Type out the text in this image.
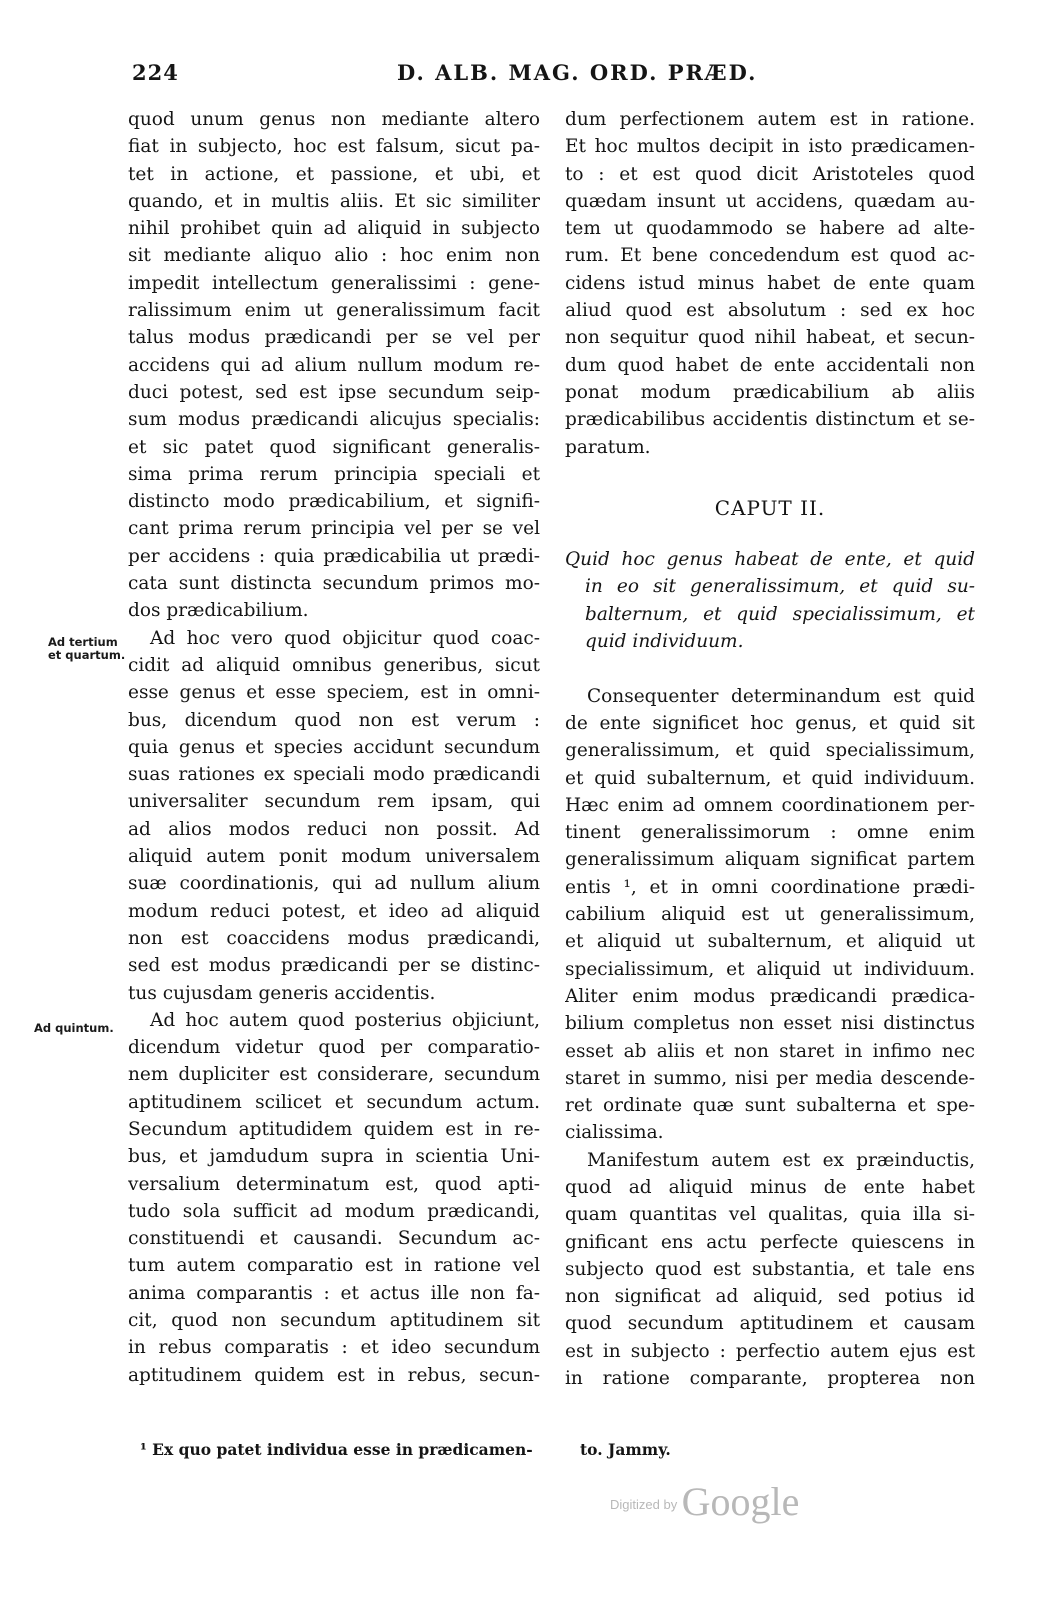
224	D. ALB. MAG. ORD. PRÆD.
Ad tertium
et quartum.
Ad quintum.
quod unum genus non mediante altero
fiat in subjecto, hoc est falsum, sicut pa-
tet in actione, et passione, et ubi, et
quando, et in multis aliis. Et sic similiter
nihil prohibet quin ad aliquid in subjecto
sit mediante aliquo alio : hoc enim non
impedit intellectum generalissimi : gene-
ralissimum enim ut generalissimum facit
talus modus prædicandi per se vel per
accidens qui ad alium nullum modum re-
duci potest, sed est ipse secundum seip-
sum modus prædicandi alicujus specialis:
et sic patet quod significant generalis-
sima prima rerum principia speciali et
distincto modo prædicabilium, et signifi-
cant prima rerum principia vel per se vel
per accidens : quia prædicabilia ut prædi-
cata sunt distincta secundum primos mo-
dos prædicabilium.
Ad hoc vero quod objicitur quod coac-
cidit ad aliquid omnibus generibus, sicut
esse genus et esse speciem, est in omni-
bus, dicendum quod non est verum :
quia genus et species accidunt secundum
suas rationes ex speciali modo prædicandi
universaliter secundum rem ipsam, qui
ad alios modos reduci non possit. Ad
aliquid autem ponit modum universalem
suæ coordinationis, qui ad nullum alium
modum reduci potest, et ideo ad aliquid
non est coaccidens modus prædicandi,
sed est modus prædicandi per se distinc-
tus cujusdam generis accidentis.
Ad hoc autem quod posterius objiciunt,
dicendum videtur quod per comparatio-
nem dupliciter est considerare, secundum
aptitudinem scilicet et secundum actum.
Secundum aptitudidem quidem est in re-
bus, et jamdudum supra in scientia Uni-
versalium determinatum est, quod apti-
tudo sola sufficit ad modum prædicandi,
constituendi et causandi. Secundum ac-
tum autem comparatio est in ratione vel
anima comparantis : et actus ille non fa-
cit, quod non secundum aptitudinem sit
in rebus comparatis : et ideo secundum
aptitudinem quidem est in rebus, secun-
dum perfectionem autem est in ratione.
Et hoc multos decipit in isto prædicamen-
to : et est quod dicit Aristoteles quod
quædam insunt ut accidens, quædam au-
tem ut quodammodo se habere ad alte-
rum. Et bene concedendum est quod ac-
cidens istud minus habet de ente quam
aliud quod est absolutum : sed ex hoc
non sequitur quod nihil habeat, et secun-
dum quod habet de ente accidentali non
ponat modum prædicabilium ab aliis
prædicabilibus accidentis distinctum et se-
paratum.
CAPUT II.
Quid hoc genus habeat de ente, et quid
in eo sit generalissimum, et quid su-
balternum, et quid specialissimum, et
quid individuum.
Consequenter determinandum est quid
de ente significet hoc genus, et quid sit
generalissimum, et quid specialissimum,
et quid subalternum, et quid individuum.
Hæc enim ad omnem coordinationem per-
tinent generalissimorum : omne enim
generalissimum aliquam significat partem
entis ¹, et in omni coordinatione prædi-
cabilium aliquid est ut generalissimum,
et aliquid ut subalternum, et aliquid ut
specialissimum, et aliquid ut individuum.
Aliter enim modus prædicandi prædica-
bilium completus non esset nisi distinctus
esset ab aliis et non staret in infimo nec
staret in summo, nisi per media descende-
ret ordinate quæ sunt subalterna et spe-
cialissima.
Manifestum autem est ex præinductis,
quod ad aliquid minus de ente habet
quam quantitas vel qualitas, quia illa si-
gnificant ens actu perfecte quiescens in
subjecto quod est substantia, et tale ens
non significat ad aliquid, sed potius id
quod secundum aptitudinem et causam
est in subjecto : perfectio autem ejus est
in ratione comparante, propterea non
¹ Ex quo patet individua esse in prædicamen-	to. Jammy.
$^{Digitized by}$ Google
